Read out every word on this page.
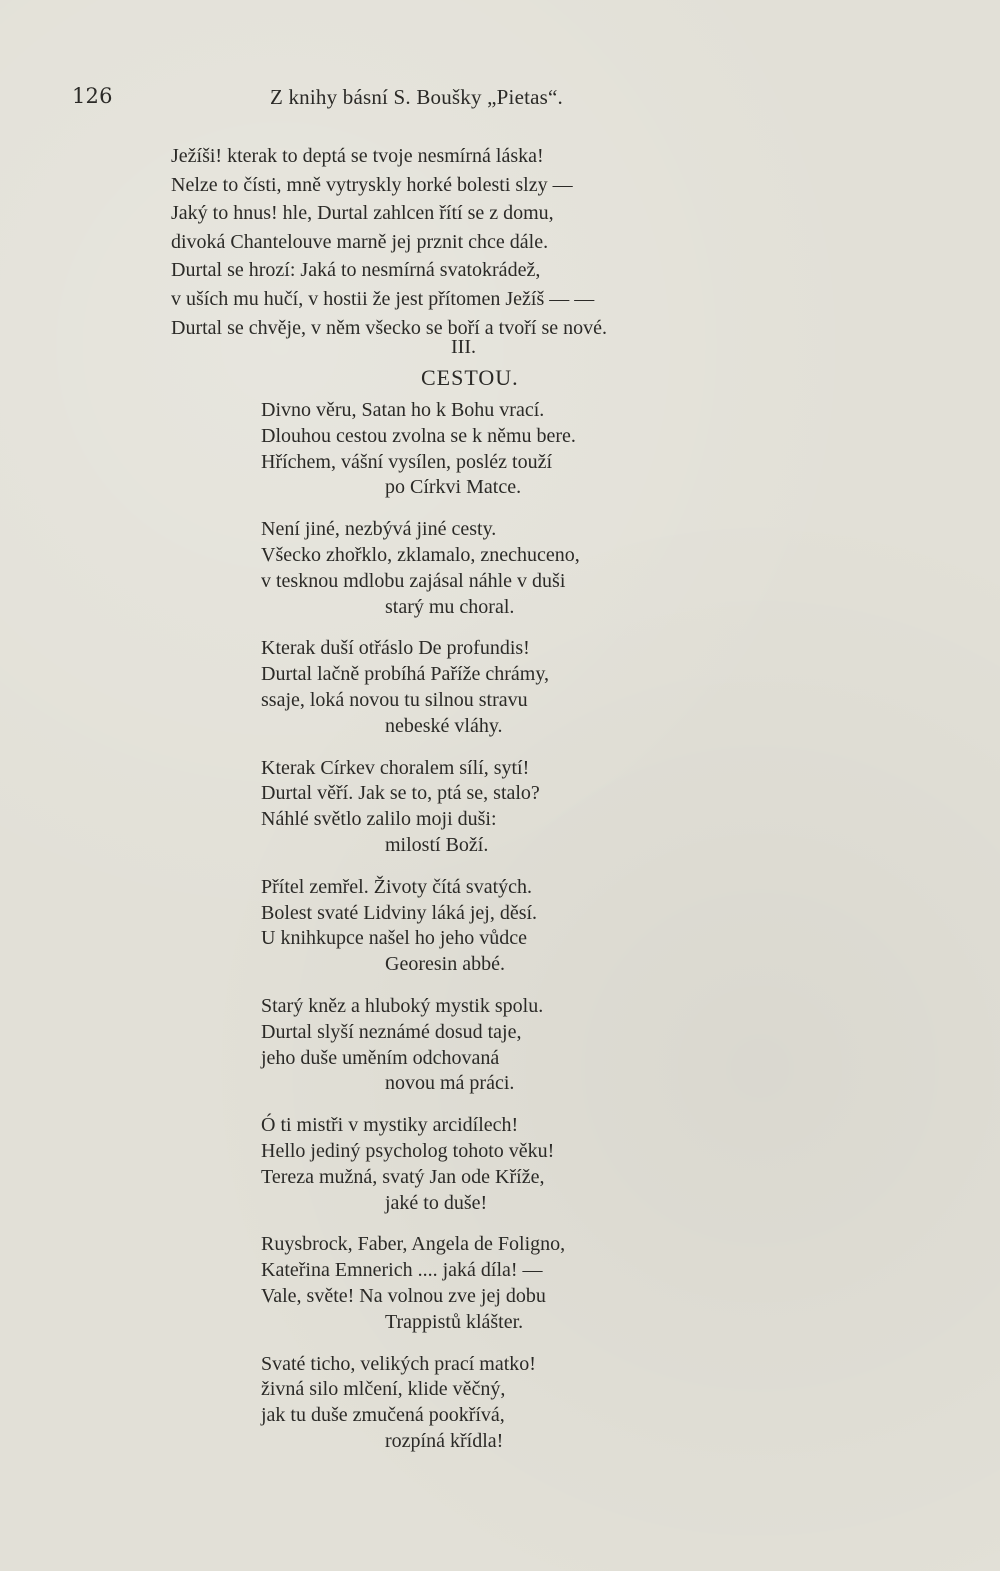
126	Z knihy básní S. Boušky „Pietas“.
Ježíši! kterak to deptá se tvoje nesmírná láska!
Nelze to čísti, mně vytryskly horké bolesti slzy —
Jaký to hnus! hle, Durtal zahlcen řítí se z domu,
divoká Chantelouve marně jej prznit chce dále.
Durtal se hrozí: Jaká to nesmírná svatokrádež,
v uších mu hučí, v hostii že jest přítomen Ježíš — —
Durtal se chvěje, v něm všecko se boří a tvoří se nové.
III.
CESTOU.
Divno věru, Satan ho k Bohu vrací.
Dlouhou cestou zvolna se k němu bere.
Hříchem, vášní vysílen, posléz touží
po Církvi Matce.
Není jiné, nezbývá jiné cesty.
Všecko zhořklo, zklamalo, znechuceno,
v tesknou mdlobu zajásal náhle v duši
starý mu choral.
Kterak duší otřáslo De profundis!
Durtal lačně probíhá Paříže chrámy,
ssaje, loká novou tu silnou stravu
nebeské vláhy.
Kterak Církev choralem sílí, sytí!
Durtal věří. Jak se to, ptá se, stalo?
Náhlé světlo zalilo moji duši:
milostí Boží.
Přítel zemřel. Životy čítá svatých.
Bolest svaté Lidviny láká jej, děsí.
U knihkupce našel ho jeho vůdce
Georesin abbé.
Starý kněz a hluboký mystik spolu.
Durtal slyší neznámé dosud taje,
jeho duše uměním odchovaná
novou má práci.
Ó ti mistři v mystiky arcidílech!
Hello jediný psycholog tohoto věku!
Tereza mužná, svatý Jan ode Kříže,
jaké to duše!
Ruysbrock, Faber, Angela de Foligno,
Kateřina Emnerich .... jaká díla! —
Vale, světe! Na volnou zve jej dobu
Trappistů klášter.
Svaté ticho, velikých prací matko!
živná silo mlčení, klide věčný,
jak tu duše zmučená pookřívá,
rozpíná křídla!
